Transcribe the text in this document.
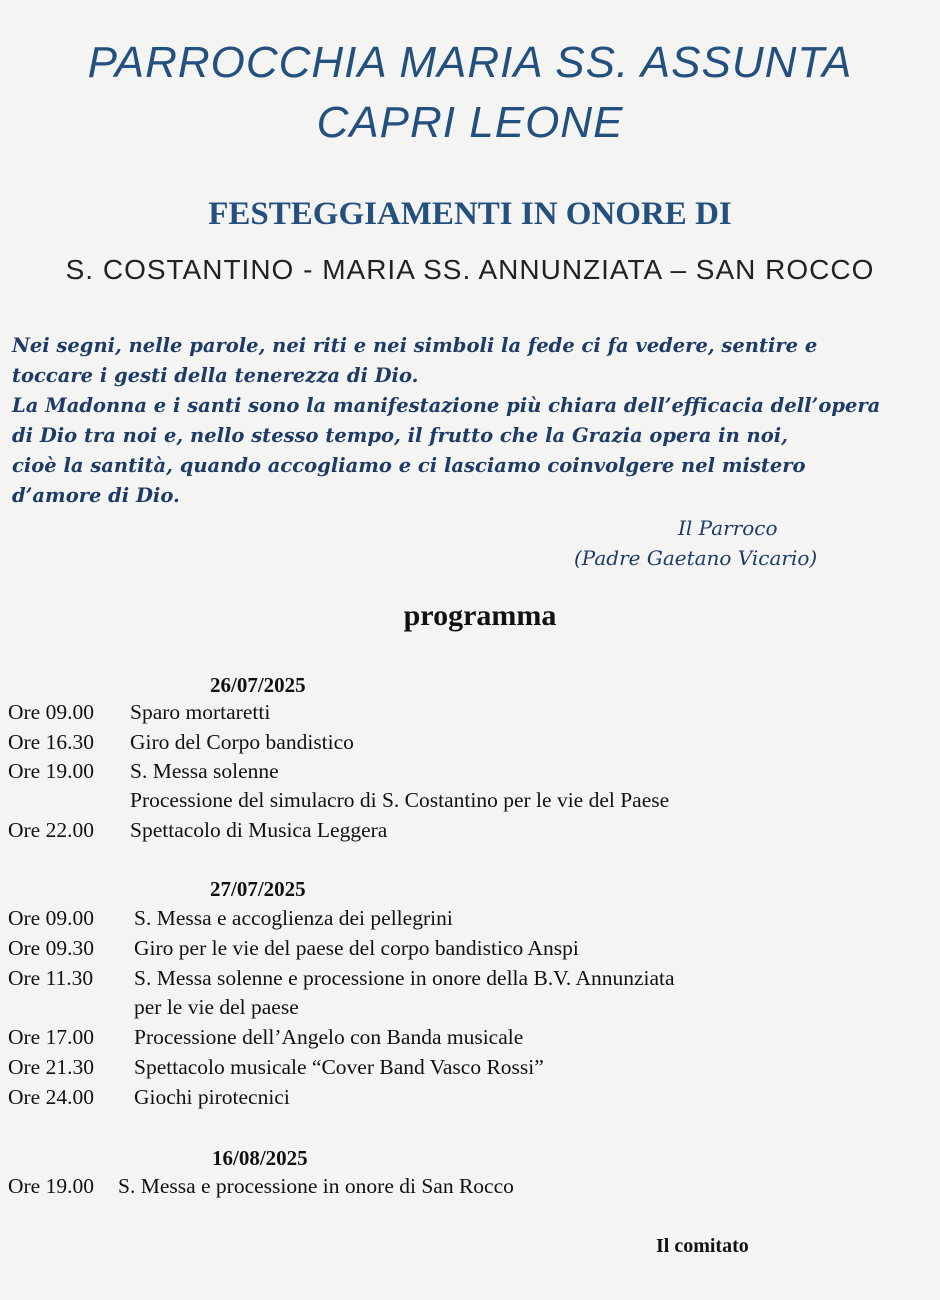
PARROCCHIA MARIA SS. ASSUNTA
CAPRI LEONE
FESTEGGIAMENTI IN ONORE DI
S. COSTANTINO - MARIA SS. ANNUNZIATA – SAN ROCCO
Nei segni, nelle parole, nei riti e nei simboli la fede ci fa vedere, sentire e
toccare i gesti della tenerezza di Dio.
La Madonna e i santi sono la manifestazione più chiara dell’efficacia dell’opera
di Dio tra noi e, nello stesso tempo, il frutto che la Grazia opera in noi,
cioè la santità, quando accogliamo e ci lasciamo coinvolgere nel mistero
d’amore di Dio.
Il Parroco
(Padre Gaetano Vicario)
programma
26/07/2025
Ore 09.00 Sparo mortaretti
Ore 16.30 Giro del Corpo bandistico
Ore 19.00 S. Messa solenne
Processione del simulacro di S. Costantino per le vie del Paese
Ore 22.00 Spettacolo di Musica Leggera
27/07/2025
Ore 09.00 S. Messa e accoglienza dei pellegrini
Ore 09.30 Giro per le vie del paese del corpo bandistico Anspi
Ore 11.30 S. Messa solenne e processione in onore della B.V. Annunziata
per le vie del paese
Ore 17.00 Processione dell’Angelo con Banda musicale
Ore 21.30 Spettacolo musicale “Cover Band Vasco Rossi”
Ore 24.00 Giochi pirotecnici
16/08/2025
Ore 19.00 S. Messa e processione in onore di San Rocco
Il comitato
